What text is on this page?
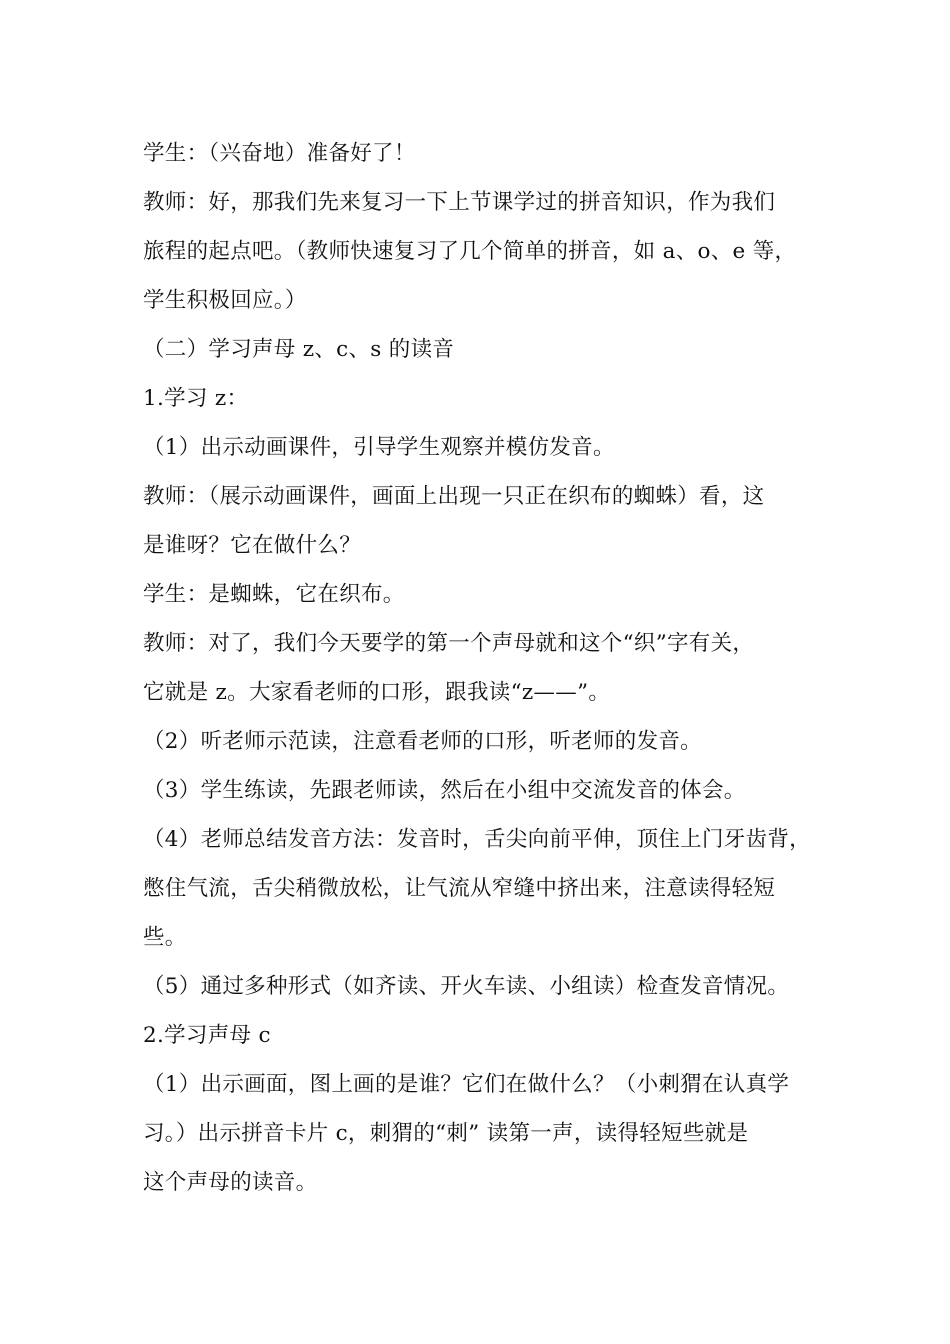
学生：（兴奋地）准备好了！
教师：好，那我们先来复习一下上节课学过的拼音知识，作为我们
旅程的起点吧。（教师快速复习了几个简单的拼音，如 a、o、e 等，
学生积极回应。）
（二）学习声母 z、c、s 的读音
1.学习 z：
（1）出示动画课件，引导学生观察并模仿发音。
教师：（展示动画课件，画面上出现一只正在织布的蜘蛛）看，这
是谁呀？它在做什么？
学生：是蜘蛛，它在织布。
教师：对了，我们今天要学的第一个声母就和这个“织”字有关，
它就是 z。大家看老师的口形，跟我读“z——”。
（2）听老师示范读，注意看老师的口形，听老师的发音。
（3）学生练读，先跟老师读，然后在小组中交流发音的体会。
（4）老师总结发音方法：发音时，舌尖向前平伸，顶住上门牙齿背，
憋住气流，舌尖稍微放松，让气流从窄缝中挤出来，注意读得轻短
些。
（5）通过多种形式（如齐读、开火车读、小组读）检查发音情况。
2.学习声母 c
（1）出示画面，图上画的是谁？它们在做什么？（小刺猬在认真学
习。）出示拼音卡片 c，刺猬的“刺” 读第一声，读得轻短些就是
这个声母的读音。
